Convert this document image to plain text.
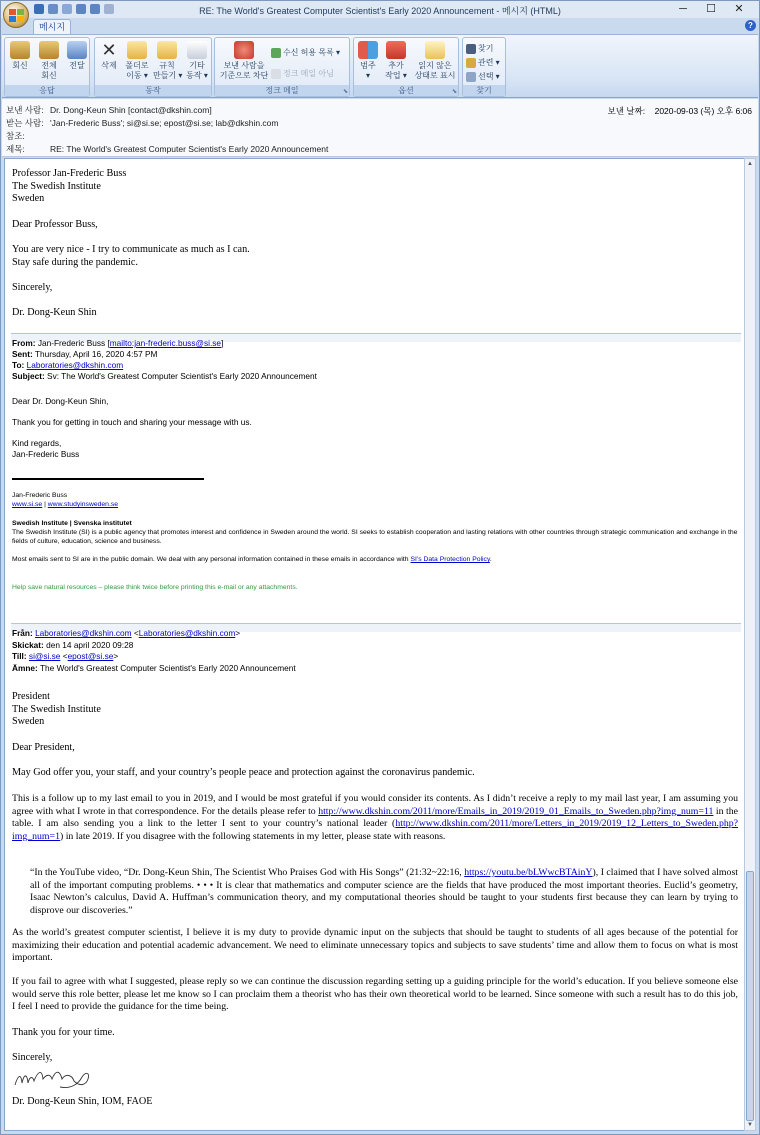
RE: The World's Greatest Computer Scientist's Early 2020 Announcement - 메시지 (HTML)	─	☐	✕
메시지	?
회신	전체
회신
전달
응답
✕
삭제	폴더로
이동 ▾
규칙
만들기 ▾
기타
동작 ▾
동작
보낸 사람을
기준으로 차단
수신 허용 목록 ▾
정크 메일 아님
정크 메일	⬊
범주
▾
추가
작업 ▾
읽지 않은
상태로 표시
옵션	⬊
찾기
관련 ▾
선택 ▾
찾기
보낸 사람: Dr. Dong-Keun Shin [contact@dkshin.com]
받는 사람: 'Jan-Frederic Buss'; si@si.se; epost@si.se; lab@dkshin.com
참조:
제목:	RE: The World's Greatest Computer Scientist's Early 2020 Announcement
보낸 날짜: 2020-09-03 (목) 오후 6:06
Professor Jan-Frederic Buss
The Swedish Institute
Sweden
Dear Professor Buss,
You are very nice - I try to communicate as much as I can.
Stay safe during the pandemic.
Sincerely,
Dr. Dong-Keun Shin
From: Jan-Frederic Buss [mailto:jan-frederic.buss@si.se]
Sent: Thursday, April 16, 2020 4:57 PM
To: Laboratories@dkshin.com
Subject: Sv: The World's Greatest Computer Scientist's Early 2020 Announcement
Dear Dr. Dong-Keun Shin,
Thank you for getting in touch and sharing your message with us.
Kind regards,
Jan-Frederic Buss
Jan-Frederic Buss
www.si.se | www.studyinsweden.se
Swedish Institute | Svenska institutet
The Swedish Institute (SI) is a public agency that promotes interest and confidence in Sweden around the world. SI seeks to establish cooperation and lasting relations with other countries through strategic communication and exchange in the fields of culture, education, science and business.
Most emails sent to SI are in the public domain. We deal with any personal information contained in these emails in accordance with SI's Data Protection Policy.
Help save natural resources – please think twice before printing this e-mail or any attachments.
Från: Laboratories@dkshin.com <Laboratories@dkshin.com>
Skickat: den 14 april 2020 09:28
Till: si@si.se <epost@si.se>
Ämne: The World's Greatest Computer Scientist's Early 2020 Announcement
President
The Swedish Institute
Sweden
Dear President,
May God offer you, your staff, and your country’s people peace and protection against the coronavirus pandemic.
This is a follow up to my last email to you in 2019, and I would be most grateful if you would consider its contents. As I didn’t receive a reply to my mail last year, I am assuming you agree with what I wrote in that correspondence. For the details please refer to http://www.dkshin.com/2011/more/Emails_in_2019/2019_01_Emails_to_Sweden.php?img_num=11 in the table. I am also sending you a link to the letter I sent to your country’s national leader (http://www.dkshin.com/2011/more/Letters_in_2019/2019_12_Letters_to_Sweden.php?img_num=1) in late 2019. If you disagree with the following statements in my letter, please state with reasons.
“In the YouTube video, “Dr. Dong-Keun Shin, The Scientist Who Praises God with His Songs” (21:32~22:16, https://youtu.be/bLWwcBTAinY), I claimed that I have solved almost all of the important computing problems. • • • It is clear that mathematics and computer science are the fields that have produced the most important theories. Euclid’s geometry, Isaac Newton’s calculus, David A. Huffman’s communication theory, and my computational theories should be taught to your students first because they can learn by trying to disprove our discoveries.”
As the world’s greatest computer scientist, I believe it is my duty to provide dynamic input on the subjects that should be taught to students of all ages because of the potential for maximizing their education and potential academic advancement. We need to eliminate unnecessary topics and subjects to save students’ time and allow them to focus on what is most important.
If you fail to agree with what I suggested, please reply so we can continue the discussion regarding setting up a guiding principle for the world’s education. If you believe someone else would serve this role better, please let me know so I can proclaim them a theorist who has their own theoretical world to be learned. Since someone with such a result has to do this job, I feel I need to provide the guidance for the time being.
Thank you for your time.
Sincerely,
Dr. Dong-Keun Shin, IOM, FAOE
▲
▼
